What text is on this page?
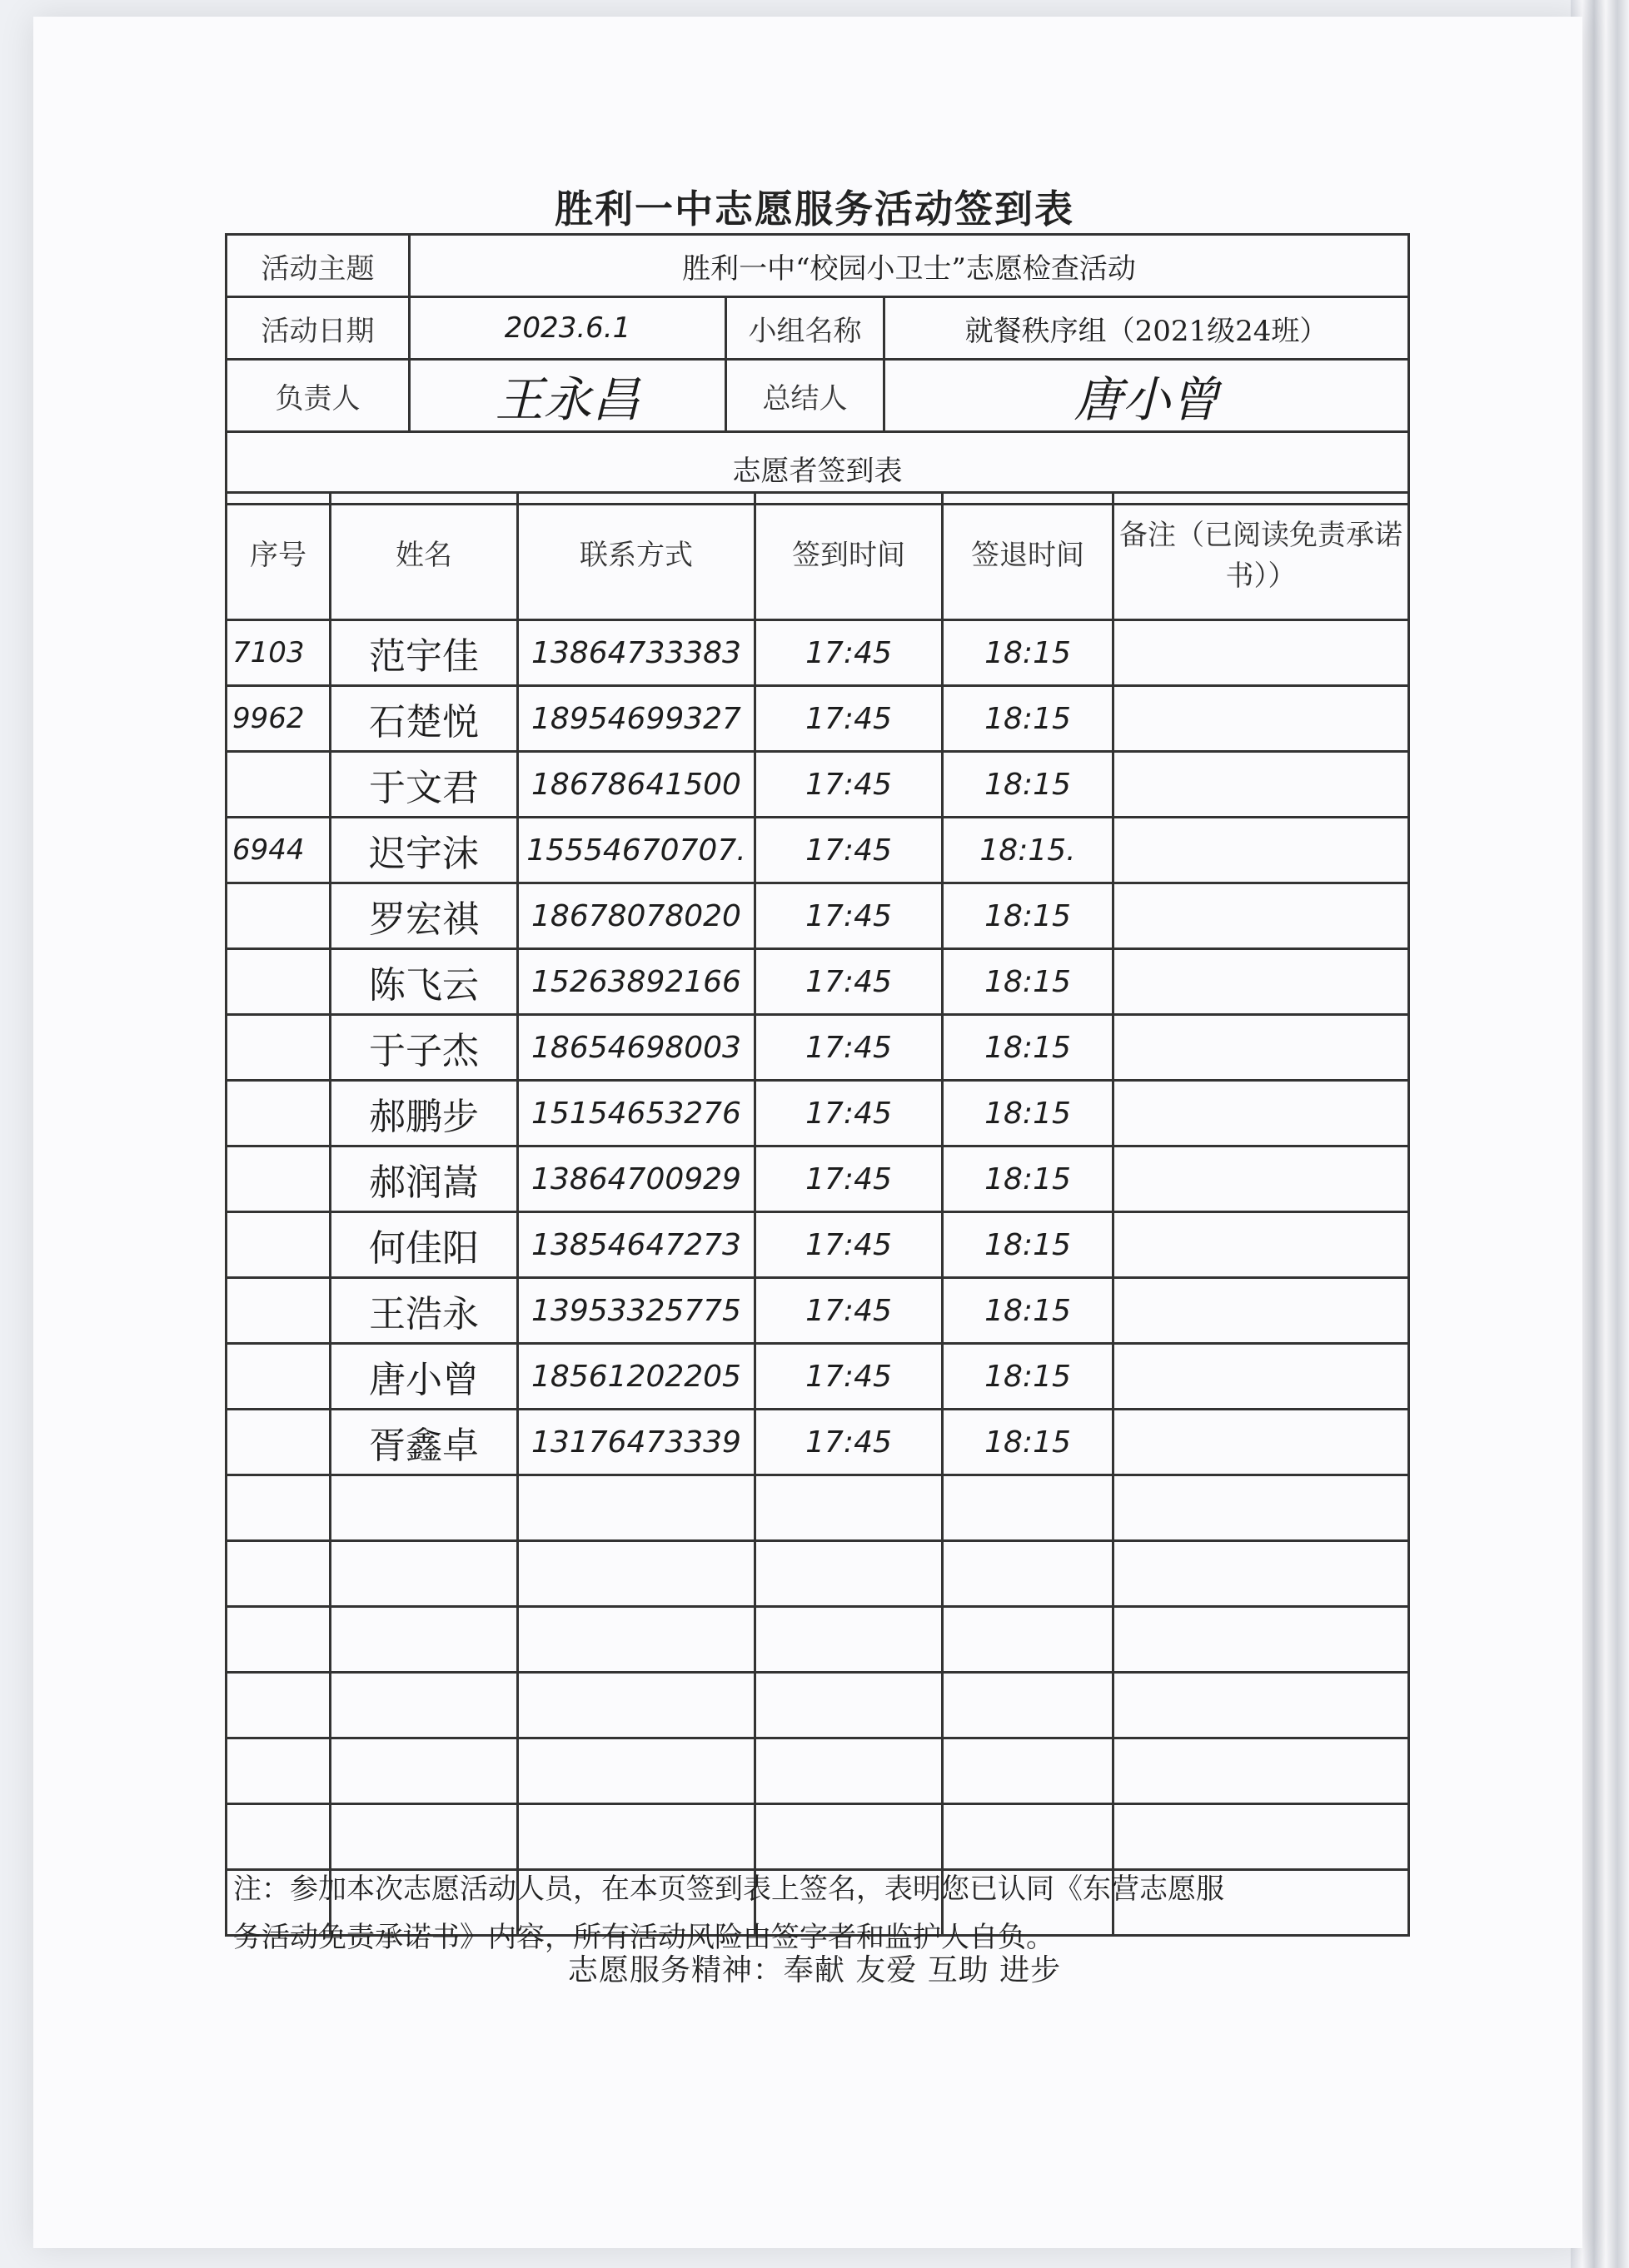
胜利一中志愿服务活动签到表
活动主题	胜利一中“校园小卫士”志愿检查活动		
活动日期	2023.6.1	小组名称	就餐秩序组（2021级24班）
负责人	王永昌	总结人	唐小曾
志愿者签到表			
序号	姓名	联系方式	签到时间	签退时间	备注（已阅读免责承诺书））
7103	范宇佳	13864733383	17:45	18:15	
9962	石楚悦	18954699327	17:45	18:15	
	于文君	18678641500	17:45	18:15	
6944	迟宇沫	15554670707.	17:45	18:15.	
	罗宏祺	18678078020	17:45	18:15	
	陈飞云	15263892166	17:45	18:15	
	于子杰	18654698003	17:45	18:15	
	郝鹏步	15154653276	17:45	18:15	
	郝润嵩	13864700929	17:45	18:15	
	何佳阳	13854647273	17:45	18:15	
	王浩永	13953325775	17:45	18:15	
	唐小曾	18561202205	17:45	18:15	
	胥鑫卓	13176473339	17:45	18:15	

注：参加本次志愿活动人员，在本页签到表上签名，表明您已认同《东营志愿服
务活动免责承诺书》内容，所有活动风险由签字者和监护人自负。
志愿服务精神：奉献 友爱 互助 进步
